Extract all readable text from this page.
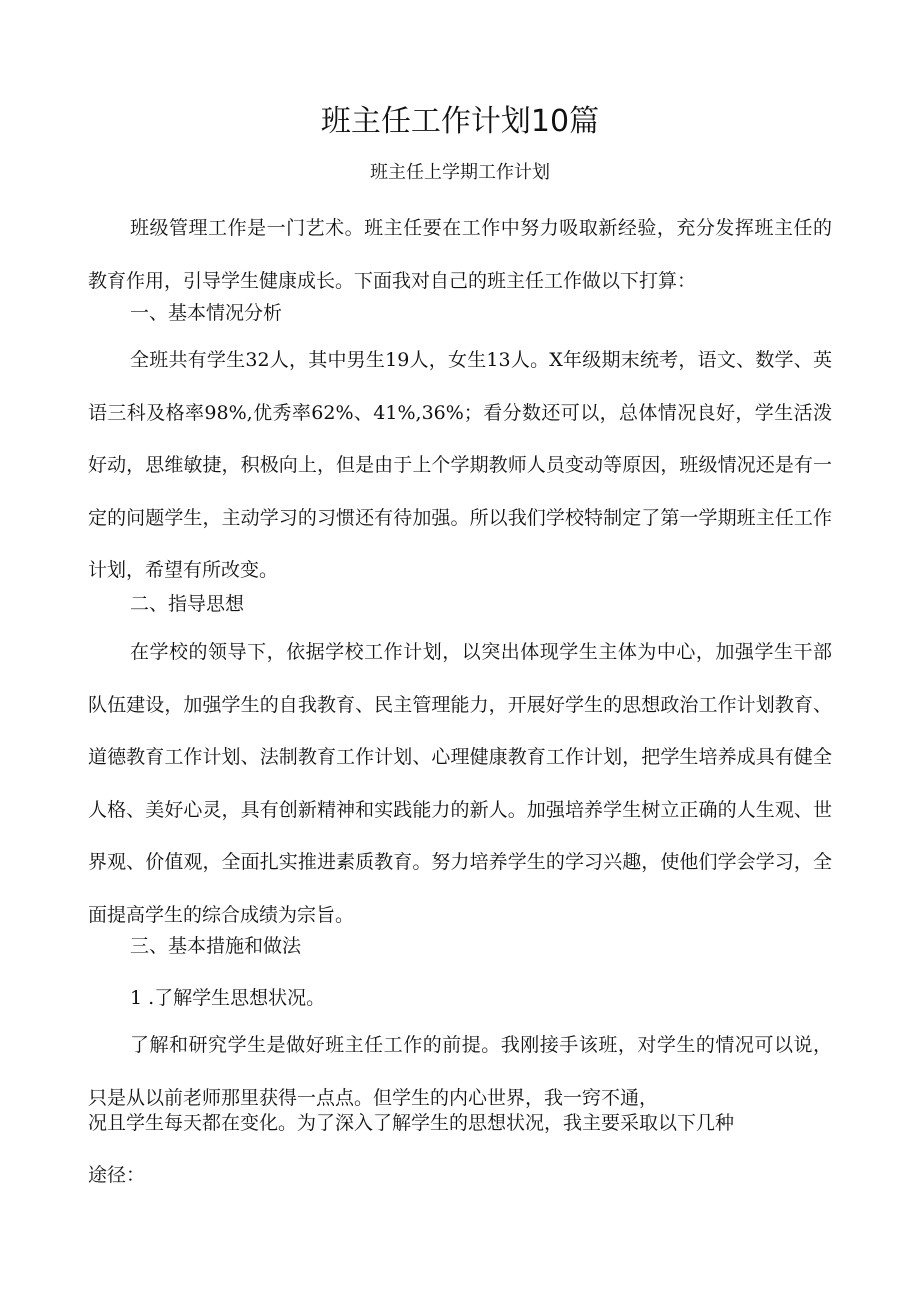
班主任工作计划10篇

班主任上学期工作计划

班级管理工作是一门艺术。班主任要在工作中努力吸取新经验，充分发挥班主任的教育作用，引导学生健康成长。下面我对自己的班主任工作做以下打算：

一、基本情况分析

全班共有学生32人，其中男生19人，女生13人。X年级期末统考，语文、数学、英语三科及格率98%,优秀率62%、41%,36%；看分数还可以，总体情况良好，学生活泼好动，思维敏捷，积极向上，但是由于上个学期教师人员变动等原因，班级情况还是有一定的问题学生，主动学习的习惯还有待加强。所以我们学校特制定了第一学期班主任工作计划，希望有所改变。

二、指导思想

在学校的领导下，依据学校工作计划，以突出体现学生主体为中心，加强学生干部队伍建设，加强学生的自我教育、民主管理能力，开展好学生的思想政治工作计划教育、道德教育工作计划、法制教育工作计划、心理健康教育工作计划，把学生培养成具有健全人格、美好心灵，具有创新精神和实践能力的新人。加强培养学生树立正确的人生观、世界观、价值观，全面扎实推进素质教育。努力培养学生的学习兴趣，使他们学会学习，全面提高学生的综合成绩为宗旨。

三、基本措施和做法

1 .了解学生思想状况。

了解和研究学生是做好班主任工作的前提。我刚接手该班，对学生的情况可以说，只是从以前老师那里获得一点点。但学生的内心世界，我一窍不通，

况且学生每天都在变化。为了深入了解学生的思想状况，我主要采取以下几种

途径：
